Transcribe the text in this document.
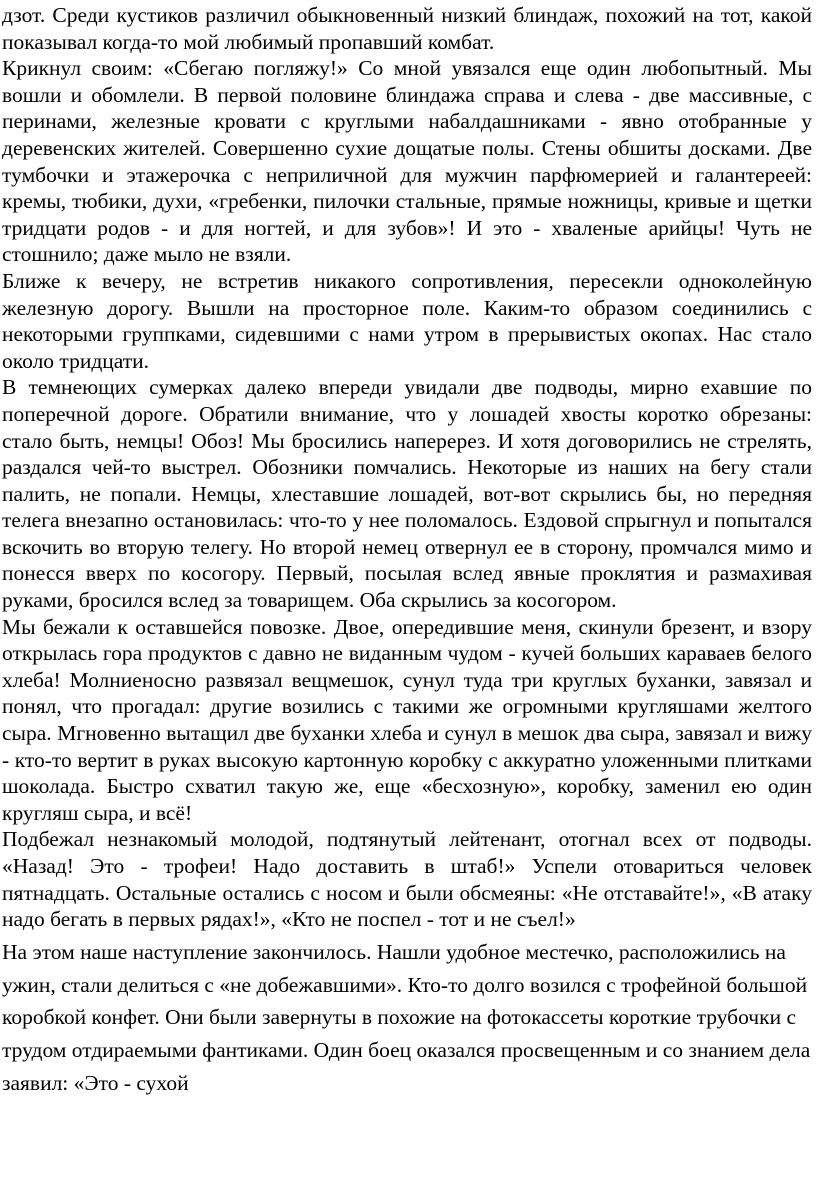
дзот. Среди кустиков различил обыкновенный низкий блиндаж, похожий на тот, какой показывал когда-то мой любимый пропавший комбат.

Крикнул своим: «Сбегаю погляжу!» Со мной увязался еще один любопытный. Мы вошли и обомлели. В первой половине блиндажа справа и слева - две массивные, с перинами, железные кровати с круглыми набалдашниками - явно отобранные у деревенских жителей. Совершенно сухие дощатые полы. Стены обшиты досками. Две тумбочки и этажерочка с неприличной для мужчин парфюмерией и галантереей: кремы, тюбики, духи, «гребенки, пилочки стальные, прямые ножницы, кривые и щетки тридцати родов - и для ногтей, и для зубов»! И это - хваленые арийцы! Чуть не стошнило; даже мыло не взяли.

Ближе к вечеру, не встретив никакого сопротивления, пересекли одноколейную железную дорогу. Вышли на просторное поле. Каким-то образом соединились с некоторыми группками, сидевшими с нами утром в прерывистых окопах. Нас стало около тридцати.

В темнеющих сумерках далеко впереди увидали две подводы, мирно ехавшие по поперечной дороге. Обратили внимание, что у лошадей хвосты коротко обрезаны: стало быть, немцы! Обоз! Мы бросились наперерез. И хотя договорились не стрелять, раздался чей-то выстрел. Обозники помчались. Некоторые из наших на бегу стали палить, не попали. Немцы, хлеставшие лошадей, вот-вот скрылись бы, но передняя телега внезапно остановилась: что-то у нее поломалось. Ездовой спрыгнул и попытался вскочить во вторую телегу. Но второй немец отвернул ее в сторону, промчался мимо и понесся вверх по косогору. Первый, посылая вслед явные проклятия и размахивая руками, бросился вслед за товарищем. Оба скрылись за косогором.

Мы бежали к оставшейся повозке. Двое, опередившие меня, скинули брезент, и взору открылась гора продуктов с давно не виданным чудом - кучей больших караваев белого хлеба! Молниеносно развязал вещмешок, сунул туда три круглых буханки, завязал и понял, что прогадал: другие возились с такими же огромными кругляшами желтого сыра. Мгновенно вытащил две буханки хлеба и сунул в мешок два сыра, завязал и вижу - кто-то вертит в руках высокую картонную коробку с аккуратно уложенными плитками шоколада. Быстро схватил такую же, еще «бесхозную», коробку, заменил ею один кругляш сыра, и всё!

Подбежал незнакомый молодой, подтянутый лейтенант, отогнал всех от подводы. «Назад! Это - трофеи! Надо доставить в штаб!» Успели отовариться человек пятнадцать. Остальные остались с носом и были обсмеяны: «Не отставайте!», «В атаку надо бегать в первых рядах!», «Кто не поспел - тот и не съел!»

На этом наше наступление закончилось. Нашли удобное местечко, расположились на ужин, стали делиться с «не добежавшими». Кто-то долго возился с трофейной большой коробкой конфет. Они были завернуты в похожие на фотокассеты короткие трубочки с трудом отдираемыми фантиками. Один боец оказался просвещенным и со знанием дела заявил: «Это - сухой
